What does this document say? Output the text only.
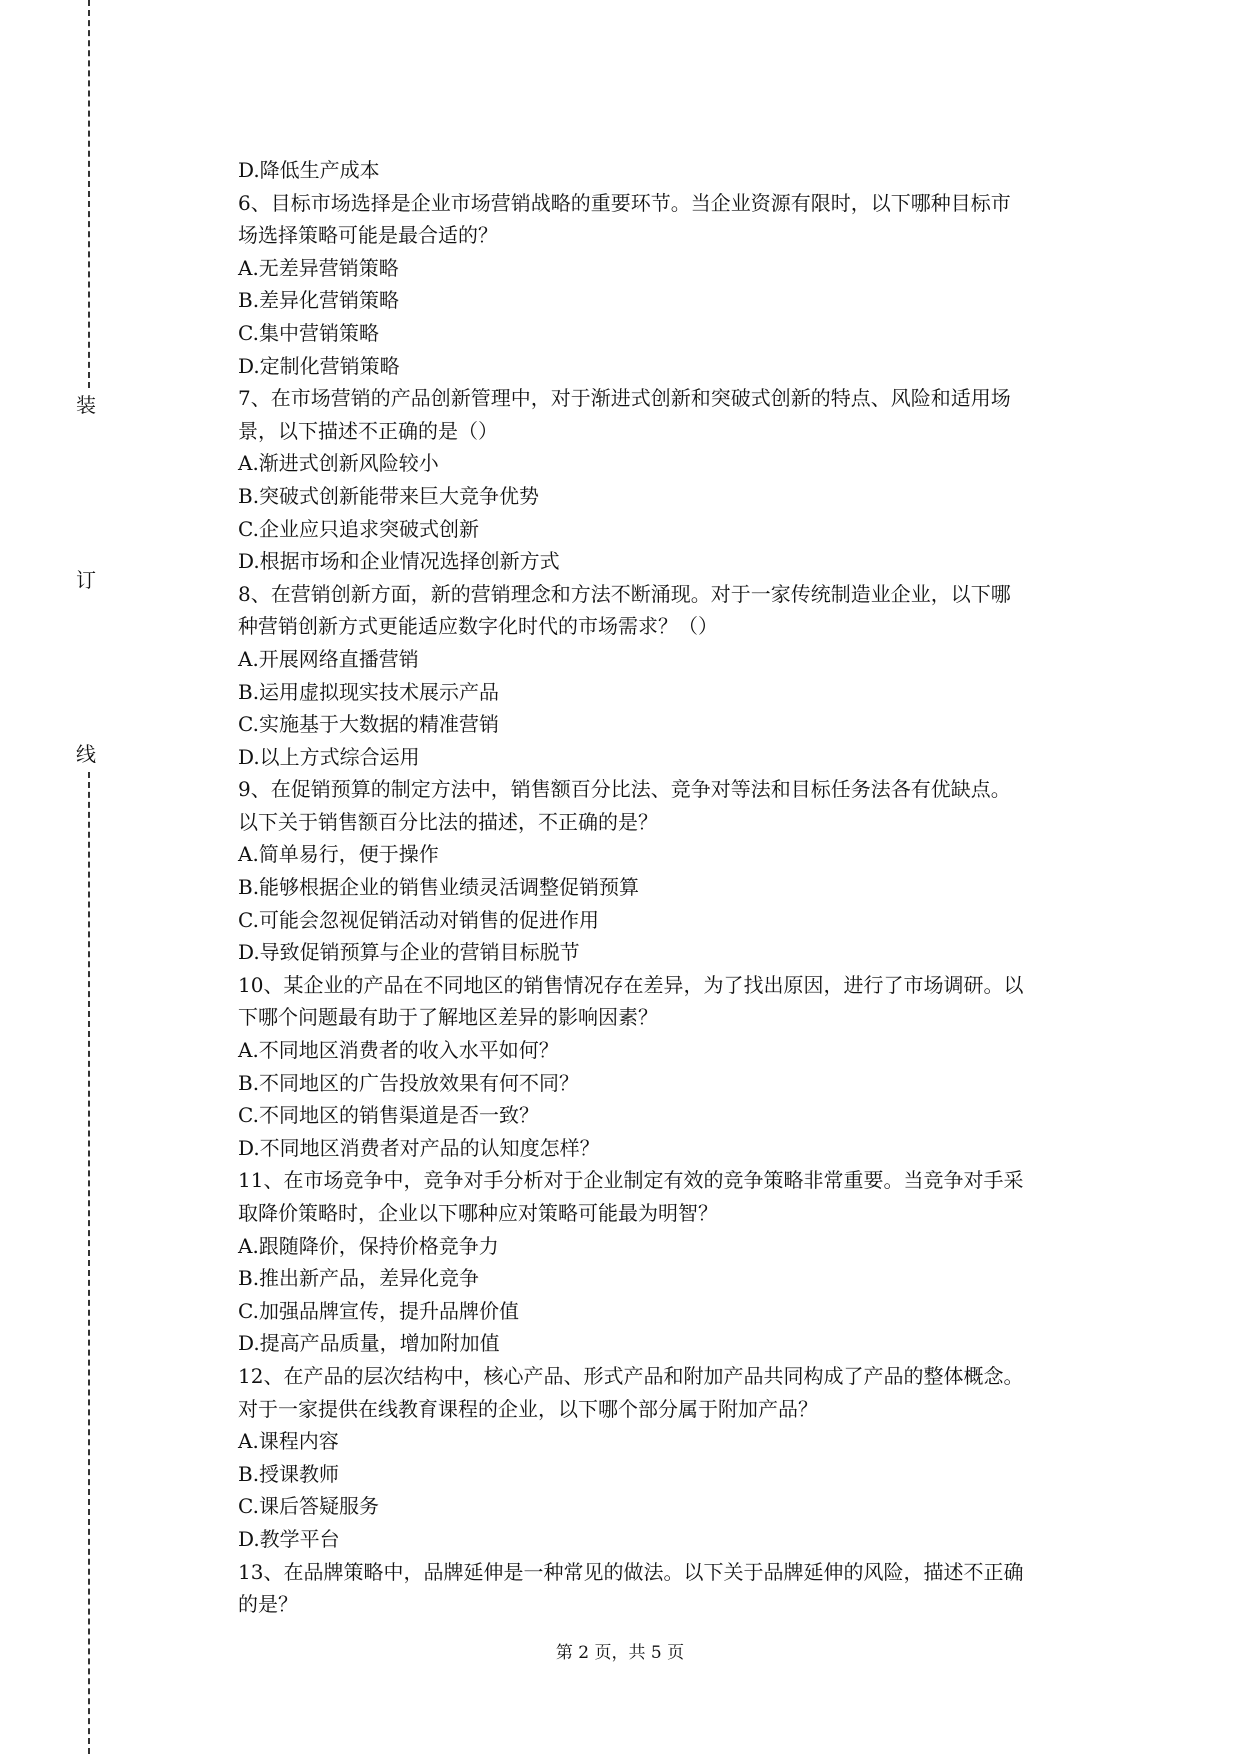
装
订
线

D.降低生产成本

6、目标市场选择是企业市场营销战略的重要环节。当企业资源有限时，以下哪种目标市

场选择策略可能是最合适的？

A.无差异营销策略

B.差异化营销策略

C.集中营销策略

D.定制化营销策略

7、在市场营销的产品创新管理中，对于渐进式创新和突破式创新的特点、风险和适用场

景，以下描述不正确的是（）

A.渐进式创新风险较小

B.突破式创新能带来巨大竞争优势

C.企业应只追求突破式创新

D.根据市场和企业情况选择创新方式

8、在营销创新方面，新的营销理念和方法不断涌现。对于一家传统制造业企业，以下哪

种营销创新方式更能适应数字化时代的市场需求？（）

A.开展网络直播营销

B.运用虚拟现实技术展示产品

C.实施基于大数据的精准营销

D.以上方式综合运用

9、在促销预算的制定方法中，销售额百分比法、竞争对等法和目标任务法各有优缺点。

以下关于销售额百分比法的描述，不正确的是？

A.简单易行，便于操作

B.能够根据企业的销售业绩灵活调整促销预算

C.可能会忽视促销活动对销售的促进作用

D.导致促销预算与企业的营销目标脱节

10、某企业的产品在不同地区的销售情况存在差异，为了找出原因，进行了市场调研。以

下哪个问题最有助于了解地区差异的影响因素？

A.不同地区消费者的收入水平如何？

B.不同地区的广告投放效果有何不同？

C.不同地区的销售渠道是否一致？

D.不同地区消费者对产品的认知度怎样？

11、在市场竞争中，竞争对手分析对于企业制定有效的竞争策略非常重要。当竞争对手采

取降价策略时，企业以下哪种应对策略可能最为明智？

A.跟随降价，保持价格竞争力

B.推出新产品，差异化竞争

C.加强品牌宣传，提升品牌价值

D.提高产品质量，增加附加值

12、在产品的层次结构中，核心产品、形式产品和附加产品共同构成了产品的整体概念。

对于一家提供在线教育课程的企业，以下哪个部分属于附加产品？

A.课程内容

B.授课教师

C.课后答疑服务

D.教学平台

13、在品牌策略中，品牌延伸是一种常见的做法。以下关于品牌延伸的风险，描述不正确

的是？

第 2 页，共 5 页
